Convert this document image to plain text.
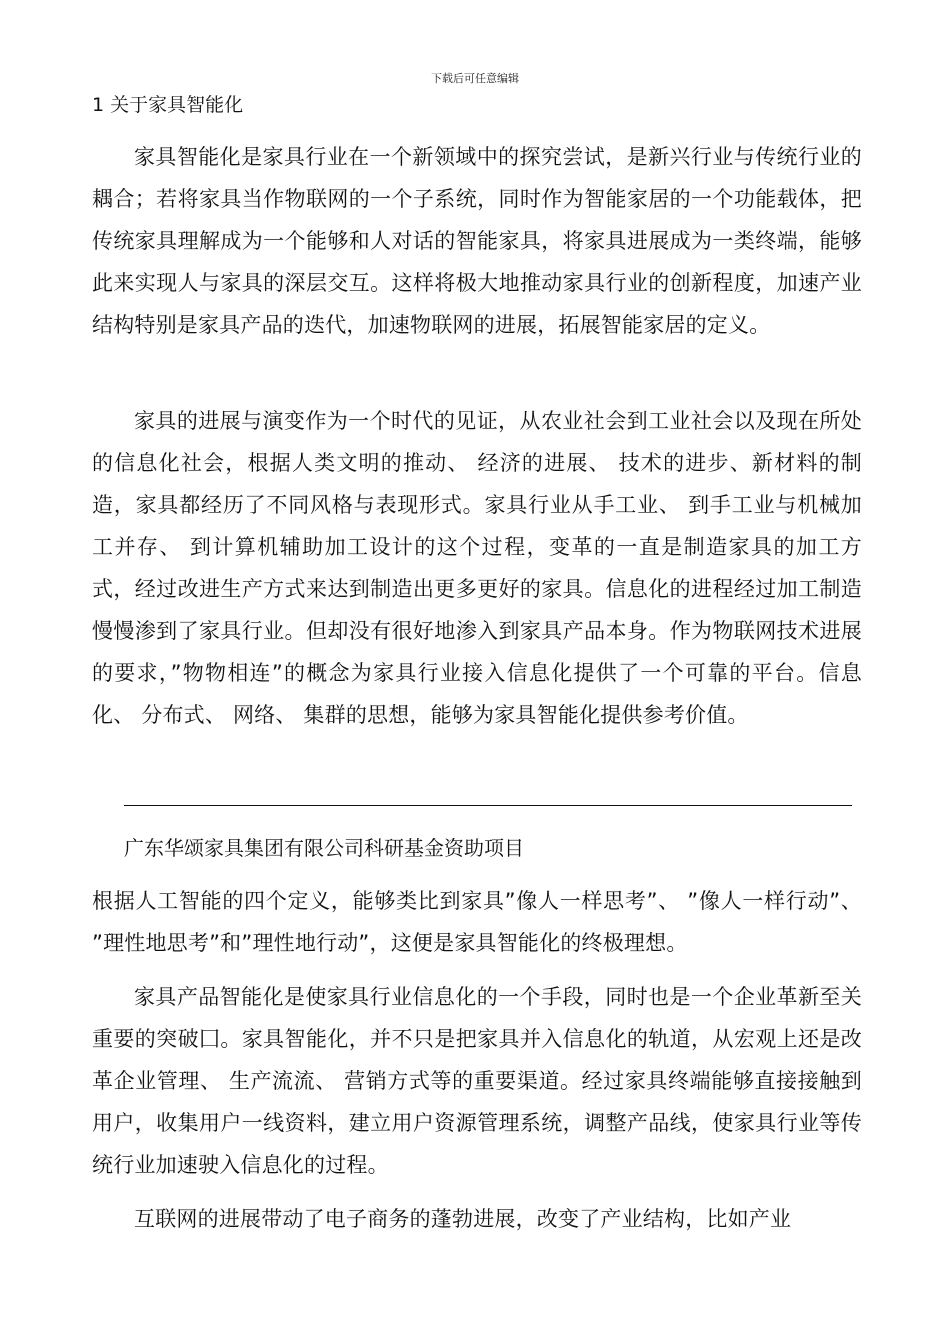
下载后可任意编辑
1 关于家具智能化

家具智能化是家具行业在一个新领域中的探究尝试，是新兴行业与传统行业的耦合；若将家具当作物联网的一个子系统，同时作为智能家居的一个功能载体，把传统家具理解成为一个能够和人对话的智能家具，将家具进展成为一类终端，能够此来实现人与家具的深层交互。这样将极大地推动家具行业的创新程度，加速产业结构特别是家具产品的迭代，加速物联网的进展，拓展智能家居的定义。

家具的进展与演变作为一个时代的见证，从农业社会到工业社会以及现在所处的信息化社会，根据人类文明的推动、 经济的进展、 技术的进步、新材料的制造，家具都经历了不同风格与表现形式。家具行业从手工业、 到手工业与机械加工并存、 到计算机辅助加工设计的这个过程，变革的一直是制造家具的加工方式，经过改进生产方式来达到制造出更多更好的家具。信息化的进程经过加工制造慢慢渗到了家具行业。但却没有很好地渗入到家具产品本身。作为物联网技术进展的要求，”物物相连”的概念为家具行业接入信息化提供了一个可靠的平台。信息化、 分布式、 网络、 集群的思想，能够为家具智能化提供参考价值。

广东华颂家具集团有限公司科研基金资助项目

根据人工智能的四个定义，能够类比到家具”像人一样思考”、 ”像人一样行动”、 ”理性地思考”和”理性地行动”，这便是家具智能化的终极理想。

家具产品智能化是使家具行业信息化的一个手段，同时也是一个企业革新至关重要的突破囗。家具智能化，并不只是把家具并入信息化的轨道，从宏观上还是改革企业管理、 生产流流、 营销方式等的重要渠道。经过家具终端能够直接接触到用户，收集用户一线资料，建立用户资源管理系统，调整产品线，使家具行业等传统行业加速驶入信息化的过程。

互联网的进展带动了电子商务的蓬勃进展，改变了产业结构，比如产业
